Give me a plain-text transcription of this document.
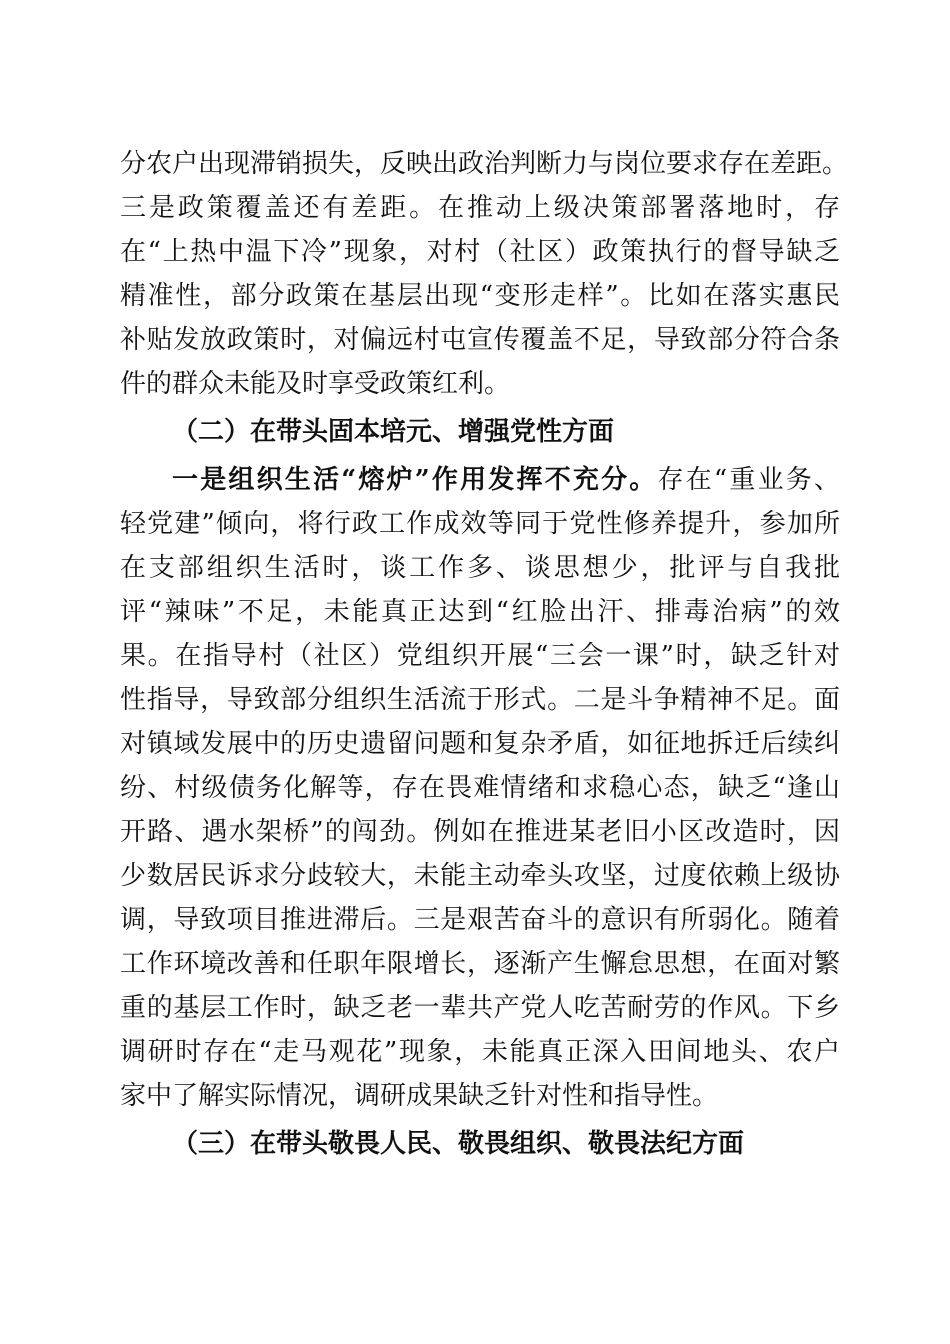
分农户出现滞销损失，反映出政治判断力与岗位要求存在差距。
三是政策覆盖还有差距。在推动上级决策部署落地时，存
在“上热中温下冷”现象，对村（社区）政策执行的督导缺乏
精准性，部分政策在基层出现“变形走样”。比如在落实惠民
补贴发放政策时，对偏远村屯宣传覆盖不足，导致部分符合条
件的群众未能及时享受政策红利。
（二）在带头固本培元、增强党性方面
一是组织生活“熔炉”作用发挥不充分。存在“重业务、
轻党建”倾向，将行政工作成效等同于党性修养提升，参加所
在支部组织生活时，谈工作多、谈思想少，批评与自我批
评“辣味”不足，未能真正达到“红脸出汗、排毒治病”的效
果。在指导村（社区）党组织开展“三会一课”时，缺乏针对
性指导，导致部分组织生活流于形式。二是斗争精神不足。面
对镇域发展中的历史遗留问题和复杂矛盾，如征地拆迁后续纠
纷、村级债务化解等，存在畏难情绪和求稳心态，缺乏“逢山
开路、遇水架桥”的闯劲。例如在推进某老旧小区改造时，因
少数居民诉求分歧较大，未能主动牵头攻坚，过度依赖上级协
调，导致项目推进滞后。三是艰苦奋斗的意识有所弱化。随着
工作环境改善和任职年限增长，逐渐产生懈怠思想，在面对繁
重的基层工作时，缺乏老一辈共产党人吃苦耐劳的作风。下乡
调研时存在“走马观花”现象，未能真正深入田间地头、农户
家中了解实际情况，调研成果缺乏针对性和指导性。
（三）在带头敬畏人民、敬畏组织、敬畏法纪方面
